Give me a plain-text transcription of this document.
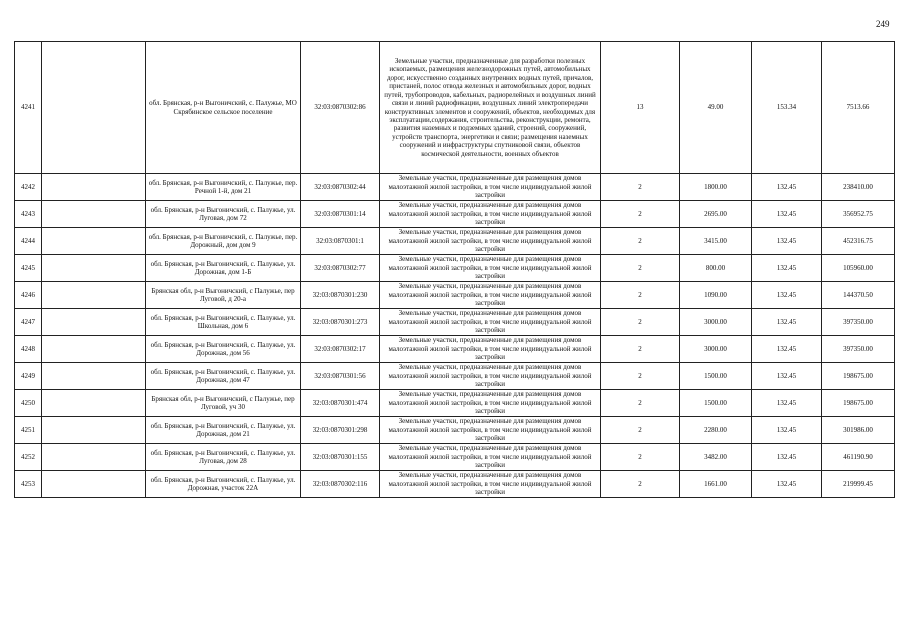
249
4241		обл. Брянская, р-н Выгоничский, с. Палужье, МО Скрябинское сельское поселение	32:03:0870302:86	Земельные участки, предназначенные для разработки полезных ископаемых, размещения железнодорожных путей, автомобильных дорог, искусственно созданных внутренних водных путей, причалов, пристаней, полос отвода железных и автомобильных дорог, водных путей, трубопроводов, кабельных, радиорелейных и воздушных линий связи и линий радиофикации, воздушных линий электропередачи конструктивных элементов и сооружений, объектов, необходимых для эксплуатации,содержания, строительства, реконструкции, ремонта, развития наземных и подземных зданий, строений, сооружений, устройств транспорта, энергетики и связи; размещения наземных сооружений и инфраструктуры спутниковой связи, объектов космической деятельности, военных объектов	13	49.00	153.34	7513.66
4242		обл. Брянская, р-н Выгоничский, с. Палужье, пер. Речной 1-й, дом 21	32:03:0870302:44	Земельные участки, предназначенные для размещения домов малоэтажной жилой застройки, в том числе индивидуальной жилой застройки	2	1800.00	132.45	238410.00
4243		обл. Брянская, р-н Выгоничский, с. Палужье, ул. Луговая, дом 72	32:03:0870301:14	Земельные участки, предназначенные для размещения домов малоэтажной жилой застройки, в том числе индивидуальной жилой застройки	2	2695.00	132.45	356952.75
4244		обл. Брянская, р-н Выгоничский, с. Палужье, пер. Дорожный, дом дом 9	32:03:0870301:1	Земельные участки, предназначенные для размещения домов малоэтажной жилой застройки, в том числе индивидуальной жилой застройки	2	3415.00	132.45	452316.75
4245		обл. Брянская, р-н Выгоничский, с. Палужье, ул. Дорожная, дом 1-Б	32:03:0870302:77	Земельные участки, предназначенные для размещения домов малоэтажной жилой застройки, в том числе индивидуальной жилой застройки	2	800.00	132.45	105960.00
4246		Брянская обл, р-н Выгоничский, с Палужье, пер Луговой, д 20-а	32:03:0870301:230	Земельные участки, предназначенные для размещения домов малоэтажной жилой застройки, в том числе индивидуальной жилой застройки	2	1090.00	132.45	144370.50
4247		обл. Брянская, р-н Выгоничский, с. Палужье, ул. Школьная, дом 6	32:03:0870301:273	Земельные участки, предназначенные для размещения домов малоэтажной жилой застройки, в том числе индивидуальной жилой застройки	2	3000.00	132.45	397350.00
4248		обл. Брянская, р-н Выгоничский, с. Палужье, ул. Дорожная, дом 56	32:03:0870302:17	Земельные участки, предназначенные для размещения домов малоэтажной жилой застройки, в том числе индивидуальной жилой застройки	2	3000.00	132.45	397350.00
4249		обл. Брянская, р-н Выгоничский, с. Палужье, ул. Дорожная, дом 47	32:03:0870301:56	Земельные участки, предназначенные для размещения домов малоэтажной жилой застройки, в том числе индивидуальной жилой застройки	2	1500.00	132.45	198675.00
4250		Брянская обл, р-н Выгоничский, с Палужье, пер Луговой, уч 30	32:03:0870301:474	Земельные участки, предназначенные для размещения домов малоэтажной жилой застройки, в том числе индивидуальной жилой застройки	2	1500.00	132.45	198675.00
4251		обл. Брянская, р-н Выгоничский, с. Палужье, ул. Дорожная, дом 21	32:03:0870301:298	Земельные участки, предназначенные для размещения домов малоэтажной жилой застройки, в том числе индивидуальной жилой застройки	2	2280.00	132.45	301986.00
4252		обл. Брянская, р-н Выгоничский, с. Палужье, ул. Луговая, дом 28	32:03:0870301:155	Земельные участки, предназначенные для размещения домов малоэтажной жилой застройки, в том числе индивидуальной жилой застройки	2	3482.00	132.45	461190.90
4253		обл. Брянская, р-н Выгоничский, с. Палужье, ул. Дорожная, участок 22А	32:03:0870302:116	Земельные участки, предназначенные для размещения домов малоэтажной жилой застройки, в том числе индивидуальной жилой застройки	2	1661.00	132.45	219999.45
